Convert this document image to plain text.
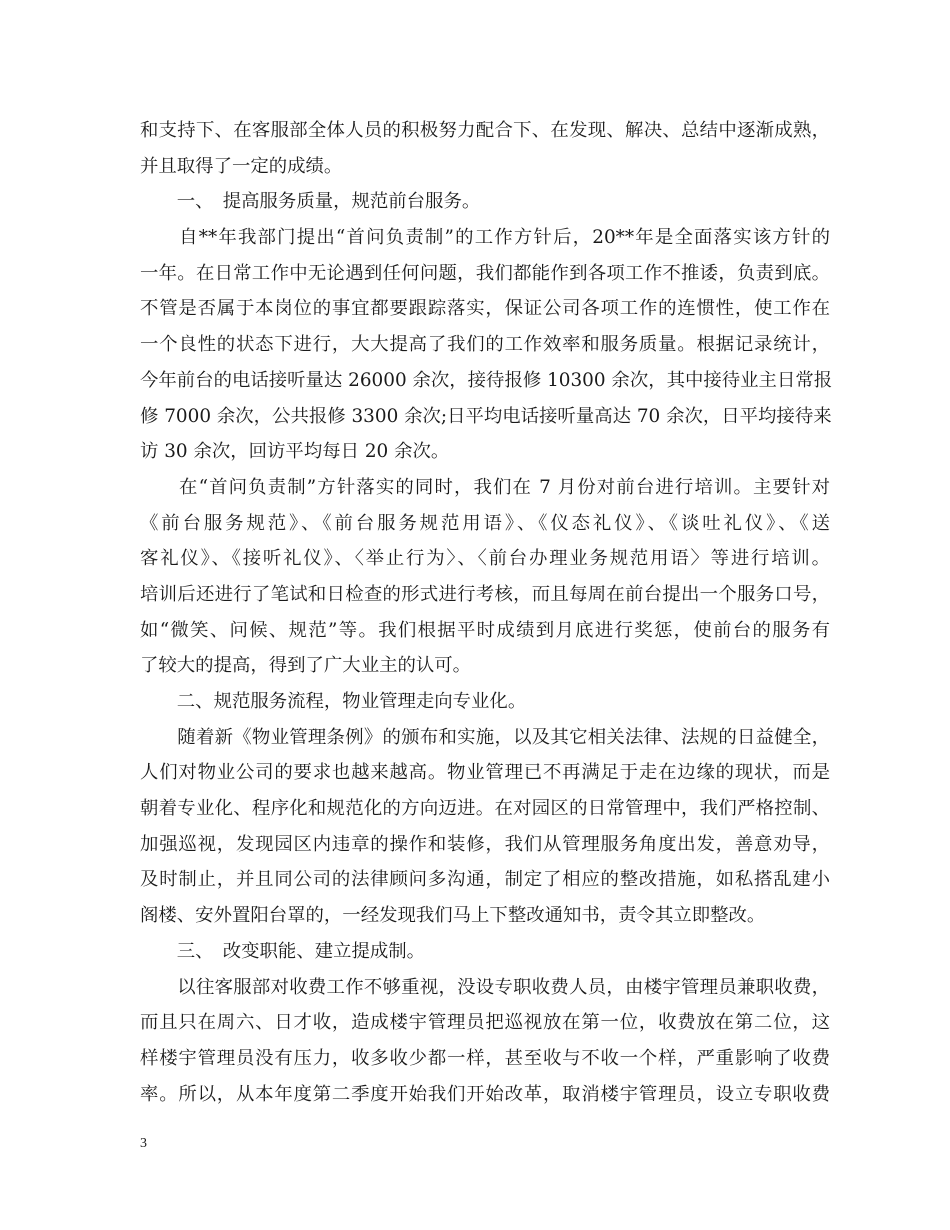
和支持下、在客服部全体人员的积极努力配合下、在发现、解决、总结中逐渐成熟，
并且取得了一定的成绩。
　　一、　提高服务质量，规范前台服务。
　　自**年我部门提出“首问负责制”的工作方针后，20**年是全面落实该方针的
一年。在日常工作中无论遇到任何问题，我们都能作到各项工作不推诿，负责到底。
不管是否属于本岗位的事宜都要跟踪落实，保证公司各项工作的连惯性，使工作在
一个良性的状态下进行，大大提高了我们的工作效率和服务质量。根据记录统计，
今年前台的电话接听量达 26000 余次，接待报修 10300 余次，其中接待业主日常报
修 7000 余次，公共报修 3300 余次;日平均电话接听量高达 70 余次，日平均接待来
访 30 余次，回访平均每日 20 余次。
　　在“首问负责制”方针落实的同时，我们在 7 月份对前台进行培训。主要针对
《前台服务规范》、《前台服务规范用语》、《仪态礼仪》、《谈吐礼仪》、《送
客礼仪》、《接听礼仪》、〈举止行为〉、〈前台办理业务规范用语〉等进行培训。
培训后还进行了笔试和日检查的形式进行考核，而且每周在前台提出一个服务口号，
如“微笑、问候、规范”等。我们根据平时成绩到月底进行奖惩，使前台的服务有
了较大的提高，得到了广大业主的认可。
　　二、规范服务流程，物业管理走向专业化。
　　随着新《物业管理条例》的颁布和实施，以及其它相关法律、法规的日益健全，
人们对物业公司的要求也越来越高。物业管理已不再满足于走在边缘的现状，而是
朝着专业化、程序化和规范化的方向迈进。在对园区的日常管理中，我们严格控制、
加强巡视，发现园区内违章的操作和装修，我们从管理服务角度出发，善意劝导，
及时制止，并且同公司的法律顾问多沟通，制定了相应的整改措施，如私搭乱建小
阁楼、安外置阳台罩的，一经发现我们马上下整改通知书，责令其立即整改。
　　三、　改变职能、建立提成制。
　　以往客服部对收费工作不够重视，没设专职收费人员，由楼宇管理员兼职收费，
而且只在周六、日才收，造成楼宇管理员把巡视放在第一位，收费放在第二位，这
样楼宇管理员没有压力，收多收少都一样，甚至收与不收一个样，严重影响了收费
率。所以，从本年度第二季度开始我们开始改革，取消楼宇管理员，设立专职收费
3
